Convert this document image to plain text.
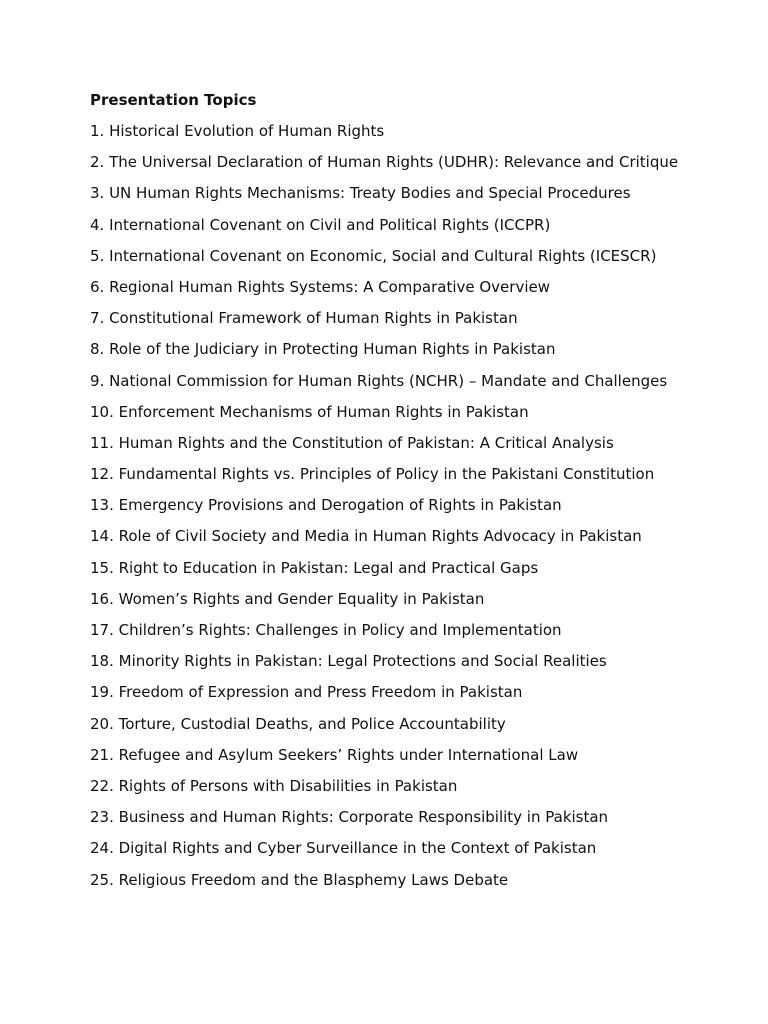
Presentation Topics
1. Historical Evolution of Human Rights
2. The Universal Declaration of Human Rights (UDHR): Relevance and Critique
3. UN Human Rights Mechanisms: Treaty Bodies and Special Procedures
4. International Covenant on Civil and Political Rights (ICCPR)
5. International Covenant on Economic, Social and Cultural Rights (ICESCR)
6. Regional Human Rights Systems: A Comparative Overview
7. Constitutional Framework of Human Rights in Pakistan
8. Role of the Judiciary in Protecting Human Rights in Pakistan
9. National Commission for Human Rights (NCHR) – Mandate and Challenges
10. Enforcement Mechanisms of Human Rights in Pakistan
11. Human Rights and the Constitution of Pakistan: A Critical Analysis
12. Fundamental Rights vs. Principles of Policy in the Pakistani Constitution
13. Emergency Provisions and Derogation of Rights in Pakistan
14. Role of Civil Society and Media in Human Rights Advocacy in Pakistan
15. Right to Education in Pakistan: Legal and Practical Gaps
16. Women’s Rights and Gender Equality in Pakistan
17. Children’s Rights: Challenges in Policy and Implementation
18. Minority Rights in Pakistan: Legal Protections and Social Realities
19. Freedom of Expression and Press Freedom in Pakistan
20. Torture, Custodial Deaths, and Police Accountability
21. Refugee and Asylum Seekers’ Rights under International Law
22. Rights of Persons with Disabilities in Pakistan
23. Business and Human Rights: Corporate Responsibility in Pakistan
24. Digital Rights and Cyber Surveillance in the Context of Pakistan
25. Religious Freedom and the Blasphemy Laws Debate
